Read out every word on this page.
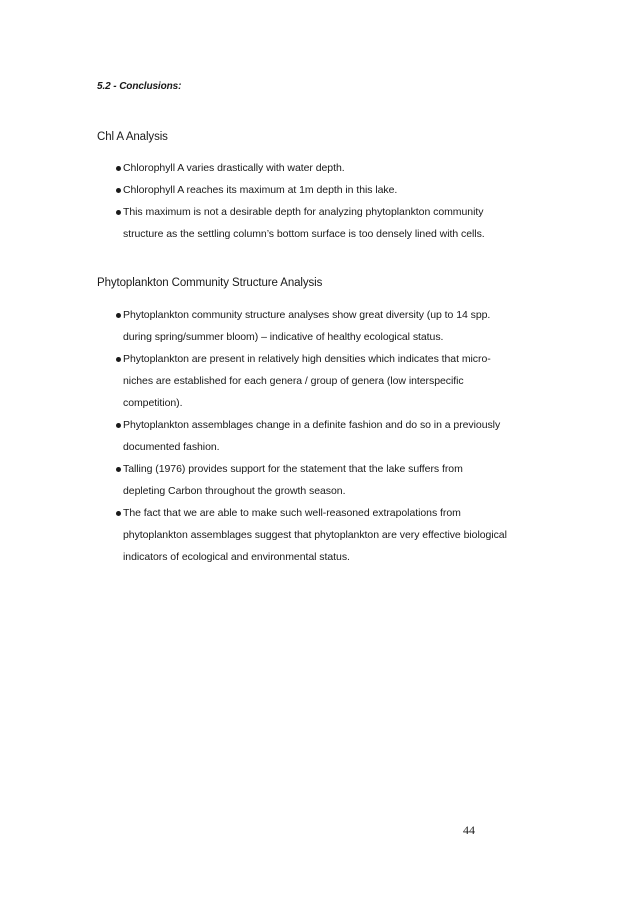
5.2 - Conclusions:
Chl A Analysis
Chlorophyll A varies drastically with water depth.
Chlorophyll A reaches its maximum at 1m depth in this lake.
This maximum is not a desirable depth for analyzing phytoplankton community
structure as the settling column’s bottom surface is too densely lined with cells.
Phytoplankton Community Structure Analysis
Phytoplankton community structure analyses show great diversity (up to 14 spp.
during spring/summer bloom) – indicative of healthy ecological status.
Phytoplankton are present in relatively high densities which indicates that micro-
niches are established for each genera / group of genera (low interspecific
competition).
Phytoplankton assemblages change in a definite fashion and do so in a previously
documented fashion.
Talling (1976) provides support for the statement that the lake suffers from
depleting Carbon throughout the growth season.
The fact that we are able to make such well-reasoned extrapolations from
phytoplankton assemblages suggest that phytoplankton are very effective biological
indicators of ecological and environmental status.
44
